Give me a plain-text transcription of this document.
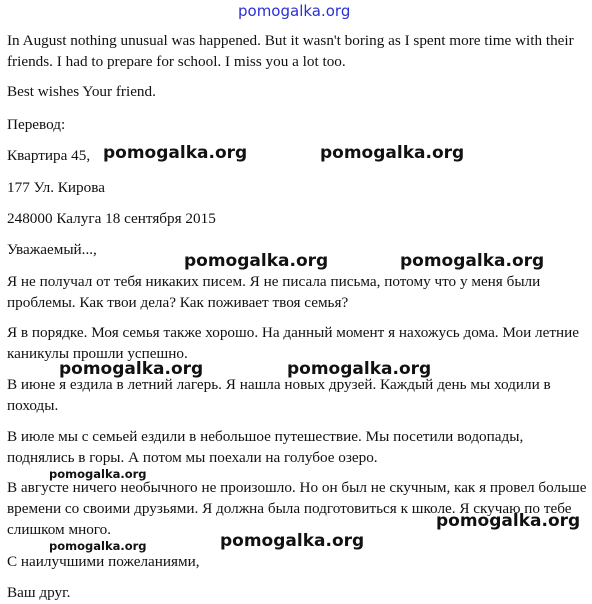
pomogalka.org

In August nothing unusual was happened. But it wasn't boring as I spent more time with their friends. I had to prepare for school. I miss you a lot too.

Best wishes Your friend.

Перевод:

Квартира 45,

177 Ул. Кирова

248000 Калуга 18 сентября 2015

Уважаемый...,

Я не получал от тебя никаких писем. Я не писала письма, потому что у меня были проблемы. Как твои дела? Как поживает твоя семья?

Я в порядке. Моя семья также хорошо. На данный момент я нахожусь дома. Мои летние каникулы прошли успешно.

В июне я ездила в летний лагерь. Я нашла новых друзей. Каждый день мы ходили в походы.

В июле мы с семьей ездили в небольшое путешествие. Мы посетили водопады, поднялись в горы. А потом мы поехали на голубое озеро.

В августе ничего необычного не произошло. Но он был не скучным, как я провел больше времени со своими друзьями. Я должна была подготовиться к школе. Я скучаю по тебе слишком много.

С наилучшими пожеланиями,

Ваш друг.

pomogalka.org	pomogalka.org
pomogalka.org	pomogalka.org
pomogalka.org	pomogalka.org
pomogalka.org
pomogalka.org
pomogalka.org	pomogalka.org
